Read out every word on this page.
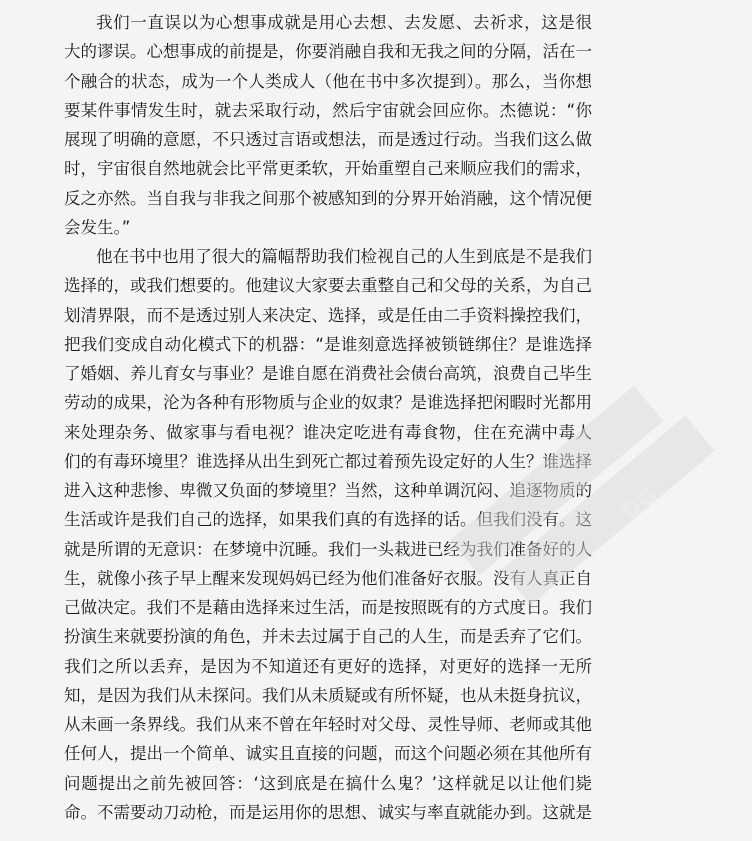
我们一直误以为心想事成就是用心去想、去发愿、去祈求，这是很
大的谬误。心想事成的前提是，你要消融自我和无我之间的分隔，活在一
个融合的状态，成为一个人类成人（他在书中多次提到）。那么，当你想
要某件事情发生时，就去采取行动，然后宇宙就会回应你。杰德说：“你
展现了明确的意愿，不只透过言语或想法，而是透过行动。当我们这么做
时，宇宙很自然地就会比平常更柔软，开始重塑自己来顺应我们的需求，
反之亦然。当自我与非我之间那个被感知到的分界开始消融，这个情况便
会发生。”
他在书中也用了很大的篇幅帮助我们检视自己的人生到底是不是我们
选择的，或我们想要的。他建议大家要去重整自己和父母的关系，为自己
划清界限，而不是透过别人来决定、选择，或是任由二手资料操控我们，
把我们变成自动化模式下的机器：“是谁刻意选择被锁链绑住？是谁选择
了婚姻、养儿育女与事业？是谁自愿在消费社会债台高筑，浪费自己毕生
劳动的成果，沦为各种有形物质与企业的奴隶？是谁选择把闲暇时光都用
来处理杂务、做家事与看电视？谁决定吃进有毒食物，住在充满中毒人
们的有毒环境里？谁选择从出生到死亡都过着预先设定好的人生？谁选择
进入这种悲惨、卑微又负面的梦境里？当然，这种单调沉闷、追逐物质的
生活或许是我们自己的选择，如果我们真的有选择的话。但我们没有。这
就是所谓的无意识：在梦境中沉睡。我们一头栽进已经为我们准备好的人
生，就像小孩子早上醒来发现妈妈已经为他们准备好衣服。没有人真正自
己做决定。我们不是藉由选择来过生活，而是按照既有的方式度日。我们
扮演生来就要扮演的角色，并未去过属于自己的人生，而是丢弃了它们。
我们之所以丢弃，是因为不知道还有更好的选择，对更好的选择一无所
知，是因为我们从未探问。我们从未质疑或有所怀疑，也从未挺身抗议，
从未画一条界线。我们从来不曾在年轻时对父母、灵性导师、老师或其他
任何人，提出一个简单、诚实且直接的问题，而这个问题必须在其他所有
问题提出之前先被回答：‘这到底是在搞什么鬼？’这样就足以让他们毙
命。不需要动刀动枪，而是运用你的思想、诚实与率直就能办到。这就是
DG
